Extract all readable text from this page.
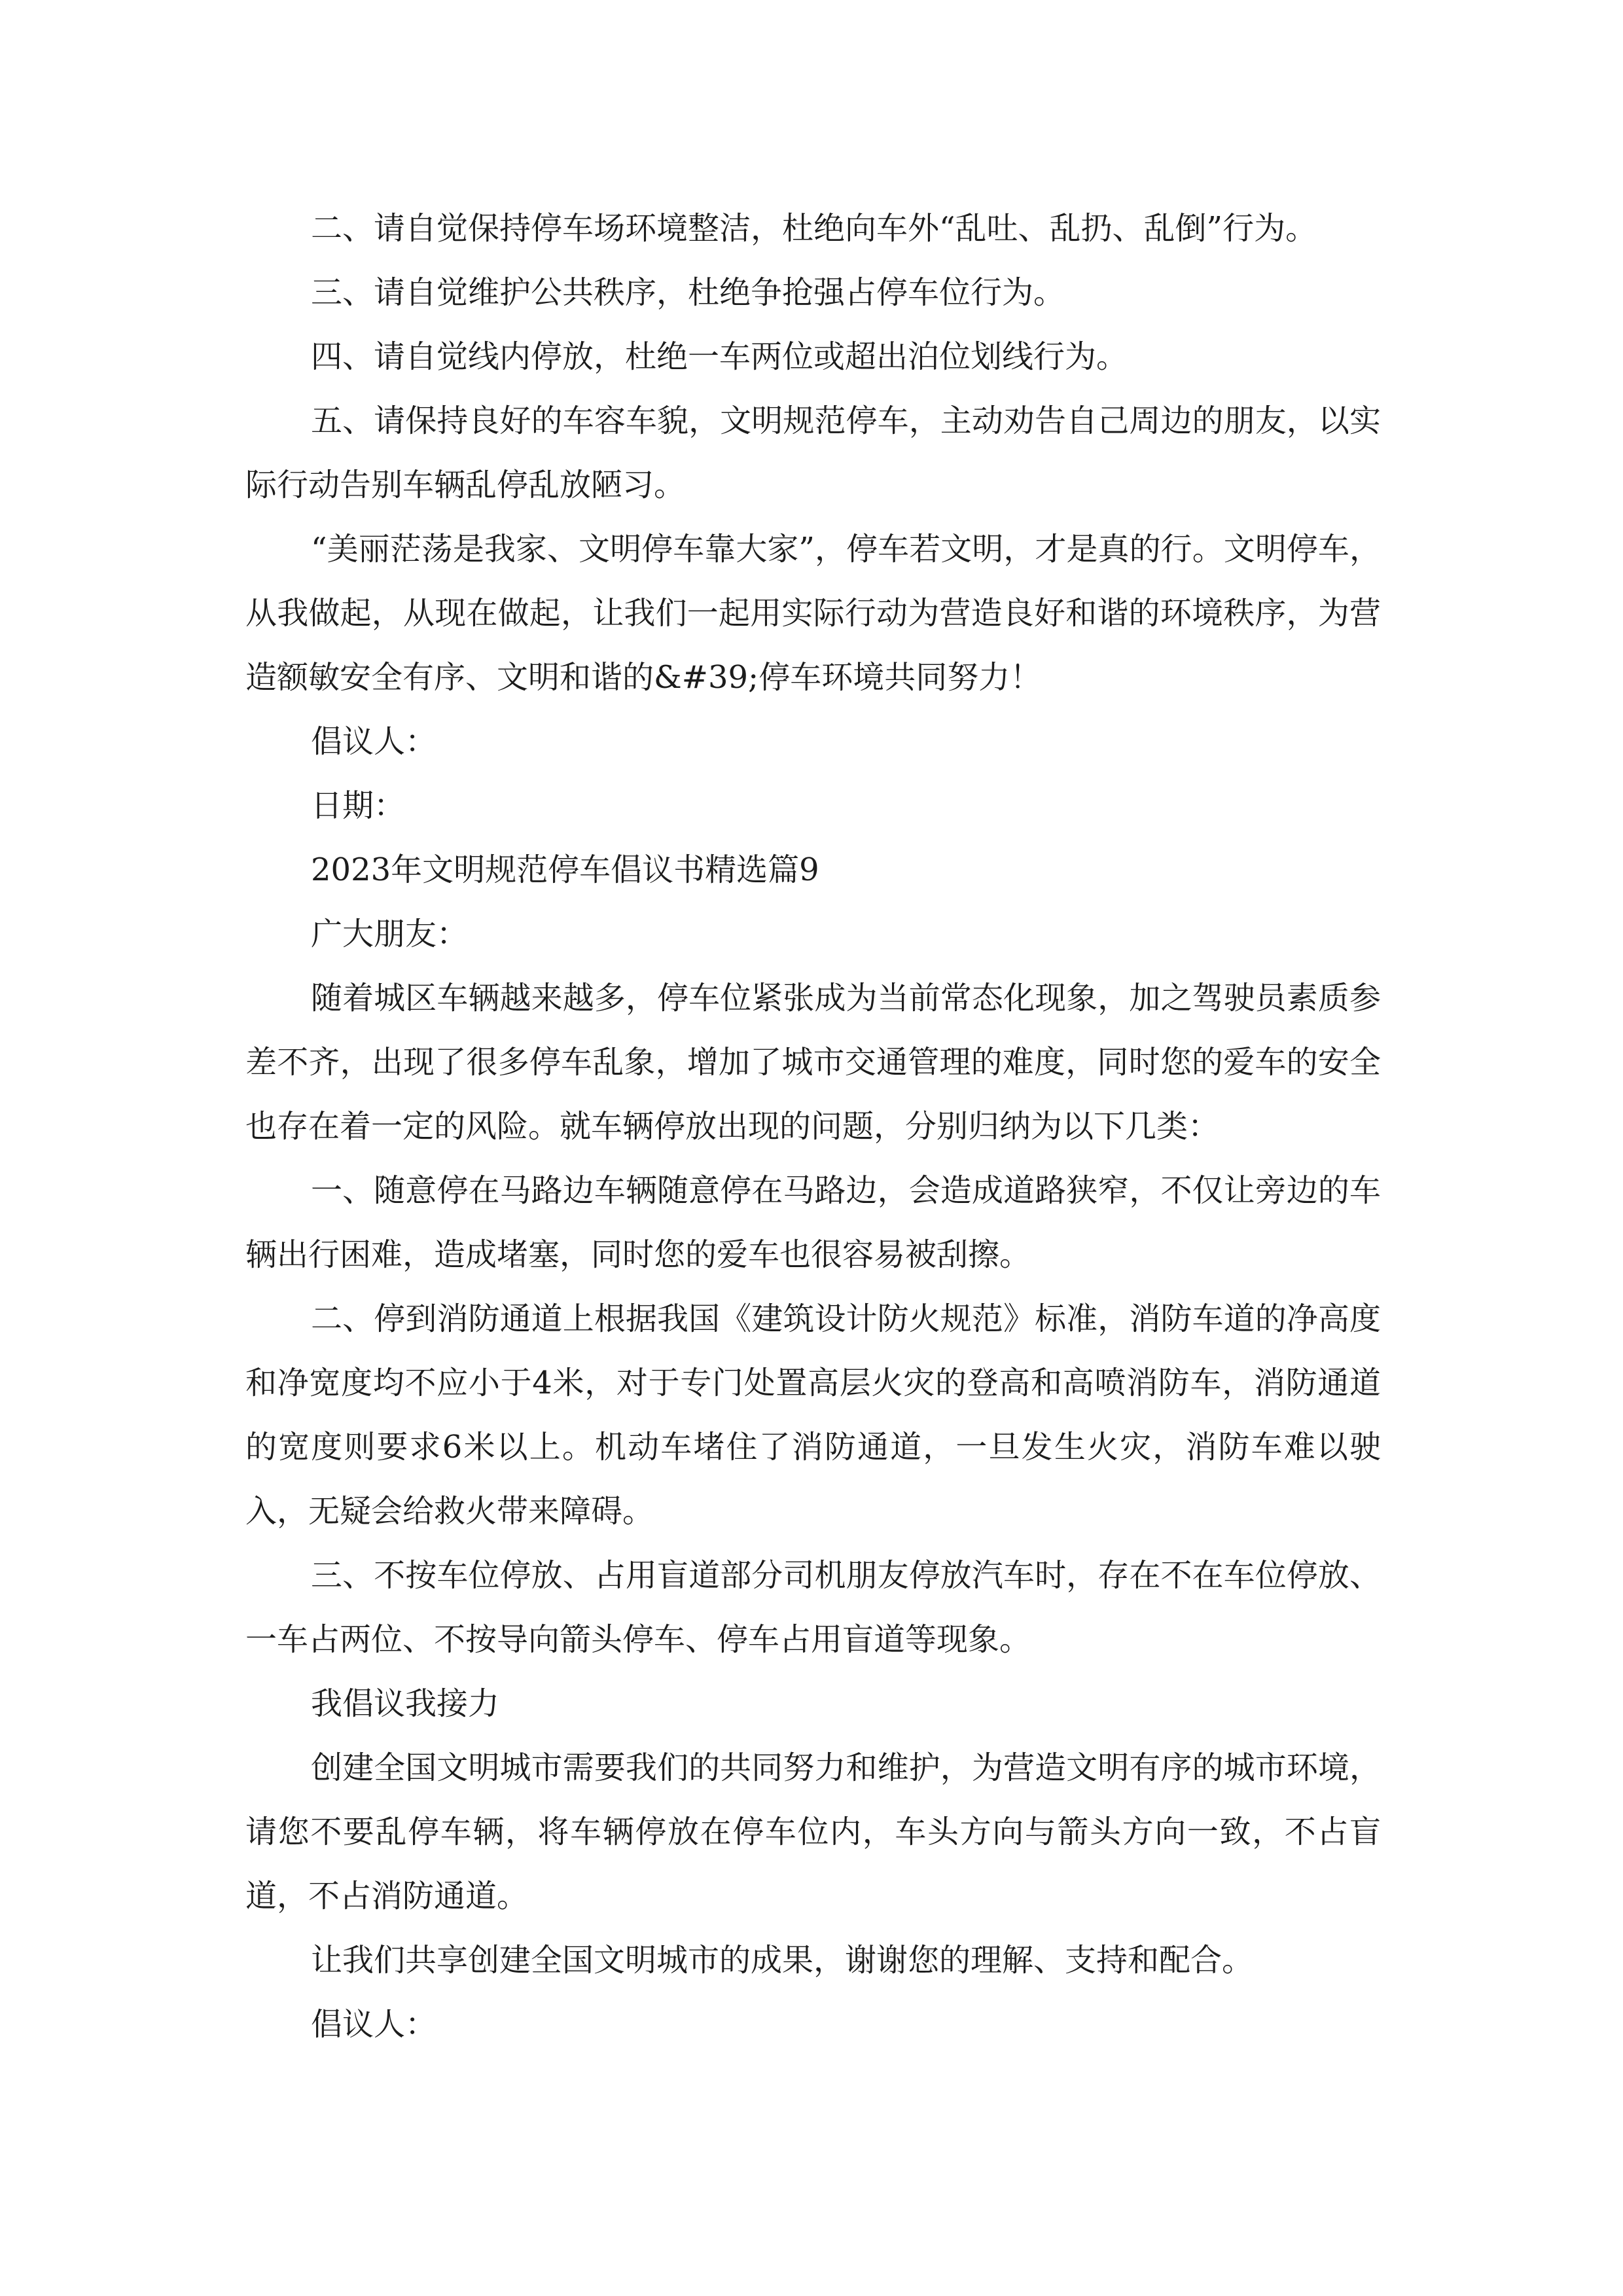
二、请自觉保持停车场环境整洁，杜绝向车外“乱吐、乱扔、乱倒”行为。

三、请自觉维护公共秩序，杜绝争抢强占停车位行为。

四、请自觉线内停放，杜绝一车两位或超出泊位划线行为。

五、请保持良好的车容车貌，文明规范停车，主动劝告自己周边的朋友，以实际行动告别车辆乱停乱放陋习。

“美丽茫荡是我家、文明停车靠大家”，停车若文明，才是真的行。文明停车，从我做起，从现在做起，让我们一起用实际行动为营造良好和谐的环境秩序，为营造额敏安全有序、文明和谐的&#39;停车环境共同努力！

倡议人：

日期：

2023年文明规范停车倡议书精选篇9

广大朋友：

随着城区车辆越来越多，停车位紧张成为当前常态化现象，加之驾驶员素质参差不齐，出现了很多停车乱象，增加了城市交通管理的难度，同时您的爱车的安全也存在着一定的风险。就车辆停放出现的问题，分别归纳为以下几类：

一、随意停在马路边车辆随意停在马路边，会造成道路狭窄，不仅让旁边的车辆出行困难，造成堵塞，同时您的爱车也很容易被刮擦。

二、停到消防通道上根据我国《建筑设计防火规范》标准，消防车道的净高度和净宽度均不应小于4米，对于专门处置高层火灾的登高和高喷消防车，消防通道的宽度则要求6米以上。机动车堵住了消防通道，一旦发生火灾，消防车难以驶入，无疑会给救火带来障碍。

三、不按车位停放、占用盲道部分司机朋友停放汽车时，存在不在车位停放、一车占两位、不按导向箭头停车、停车占用盲道等现象。

我倡议我接力

创建全国文明城市需要我们的共同努力和维护，为营造文明有序的城市环境，请您不要乱停车辆，将车辆停放在停车位内，车头方向与箭头方向一致，不占盲道，不占消防通道。

让我们共享创建全国文明城市的成果，谢谢您的理解、支持和配合。

倡议人：
